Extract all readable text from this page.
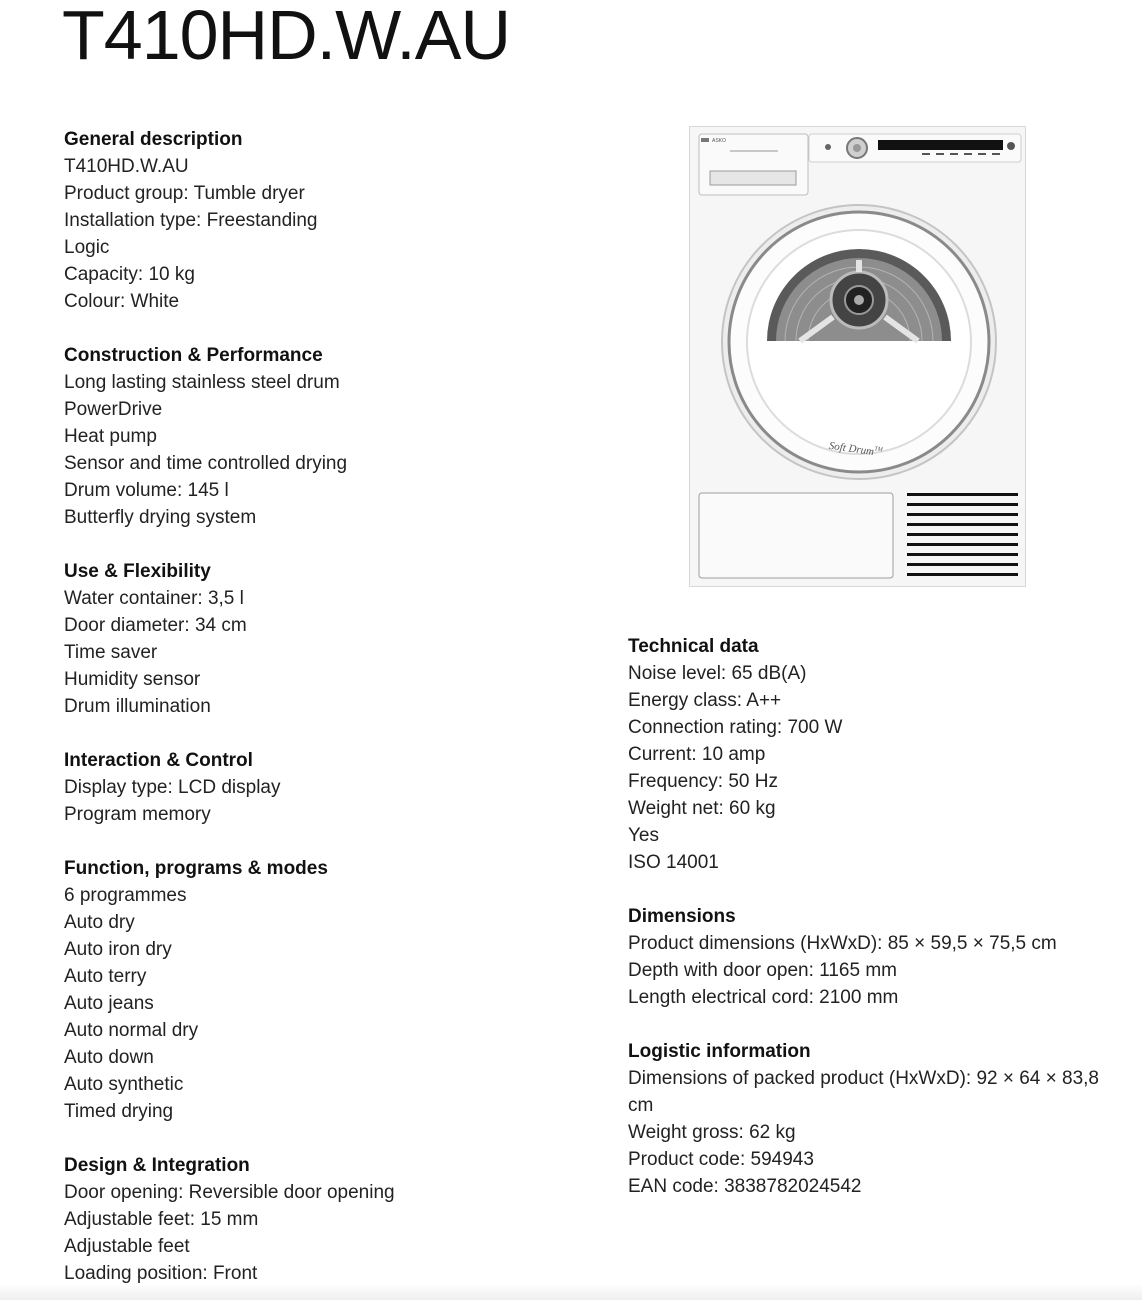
T410HD.W.AU
General description
T410HD.W.AU
Product group: Tumble dryer
Installation type: Freestanding
Logic
Capacity: 10 kg
Colour: White
Construction & Performance
Long lasting stainless steel drum
PowerDrive
Heat pump
Sensor and time controlled drying
Drum volume: 145 l
Butterfly drying system
Use & Flexibility
Water container: 3,5 l
Door diameter: 34 cm
Time saver
Humidity sensor
Drum illumination
Interaction & Control
Display type: LCD display
Program memory
Function, programs & modes
6 programmes
Auto dry
Auto iron dry
Auto terry
Auto jeans
Auto normal dry
Auto down
Auto synthetic
Timed drying
Design & Integration
Door opening: Reversible door opening
Adjustable feet: 15 mm
Adjustable feet
Loading position: Front
ASKO
Soft Drum™
Technical data
Noise level: 65 dB(A)
Energy class: A++
Connection rating: 700 W
Current: 10 amp
Frequency: 50 Hz
Weight net: 60 kg
Yes
ISO 14001
Dimensions
Product dimensions (HxWxD): 85 × 59,5 × 75,5 cm
Depth with door open: 1165 mm
Length electrical cord: 2100 mm
Logistic information
Dimensions of packed product (HxWxD): 92 × 64 × 83,8 cm
Weight gross: 62 kg
Product code: 594943
EAN code: 3838782024542
